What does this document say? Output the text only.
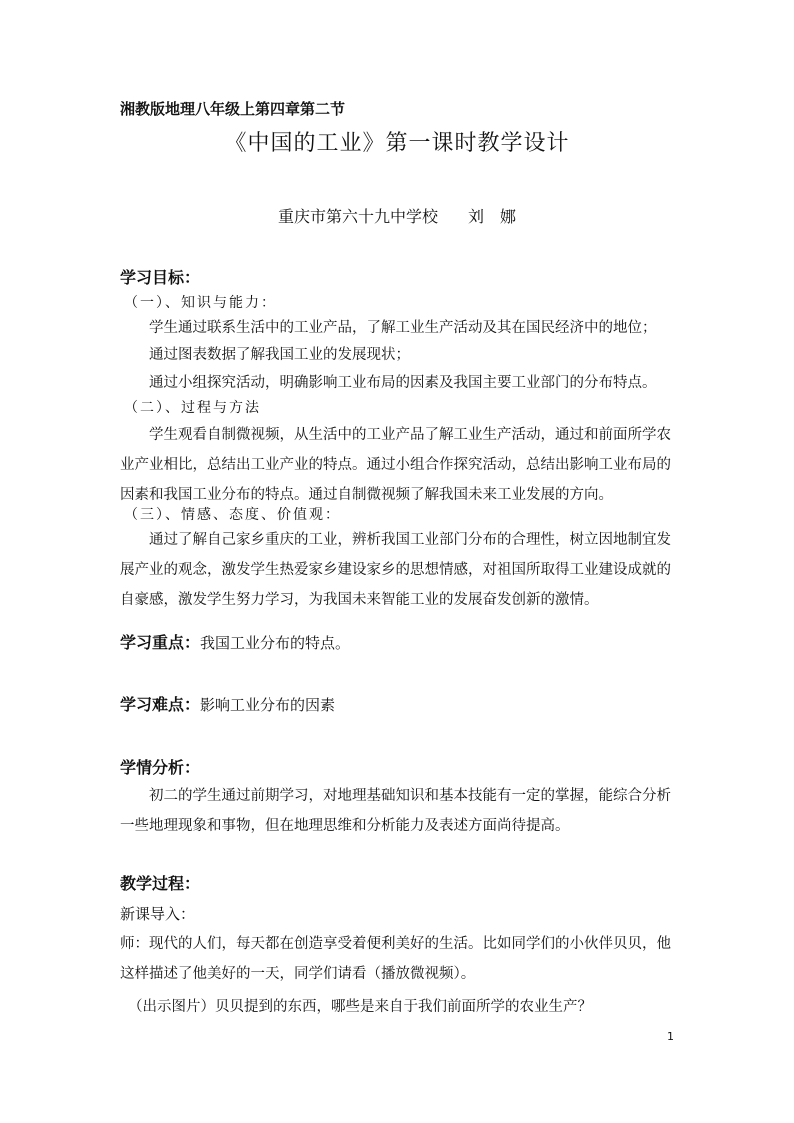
湘教版地理八年级上第四章第二节
《中国的工业》第一课时教学设计
重庆市第六十九中学校 刘　娜
学习目标：
（一）、知识与能力：
学生通过联系生活中的工业产品，了解工业生产活动及其在国民经济中的地位；
通过图表数据了解我国工业的发展现状；
通过小组探究活动，明确影响工业布局的因素及我国主要工业部门的分布特点。
（二）、过程与方法
学生观看自制微视频，从生活中的工业产品了解工业生产活动，通过和前面所学农业产业相比，总结出工业产业的特点。通过小组合作探究活动，总结出影响工业布局的因素和我国工业分布的特点。通过自制微视频了解我国未来工业发展的方向。
（三）、情感、态度、价值观：
通过了解自己家乡重庆的工业，辨析我国工业部门分布的合理性，树立因地制宜发展产业的观念，激发学生热爱家乡建设家乡的思想情感，对祖国所取得工业建设成就的自豪感，激发学生努力学习，为我国未来智能工业的发展奋发创新的激情。
学习重点：我国工业分布的特点。
学习难点：影响工业分布的因素
学情分析：
初二的学生通过前期学习，对地理基础知识和基本技能有一定的掌握，能综合分析一些地理现象和事物，但在地理思维和分析能力及表述方面尚待提高。
教学过程：
新课导入：
师：现代的人们，每天都在创造享受着便利美好的生活。比如同学们的小伙伴贝贝，他这样描述了他美好的一天，同学们请看（播放微视频）。
（出示图片）贝贝提到的东西，哪些是来自于我们前面所学的农业生产？
1
